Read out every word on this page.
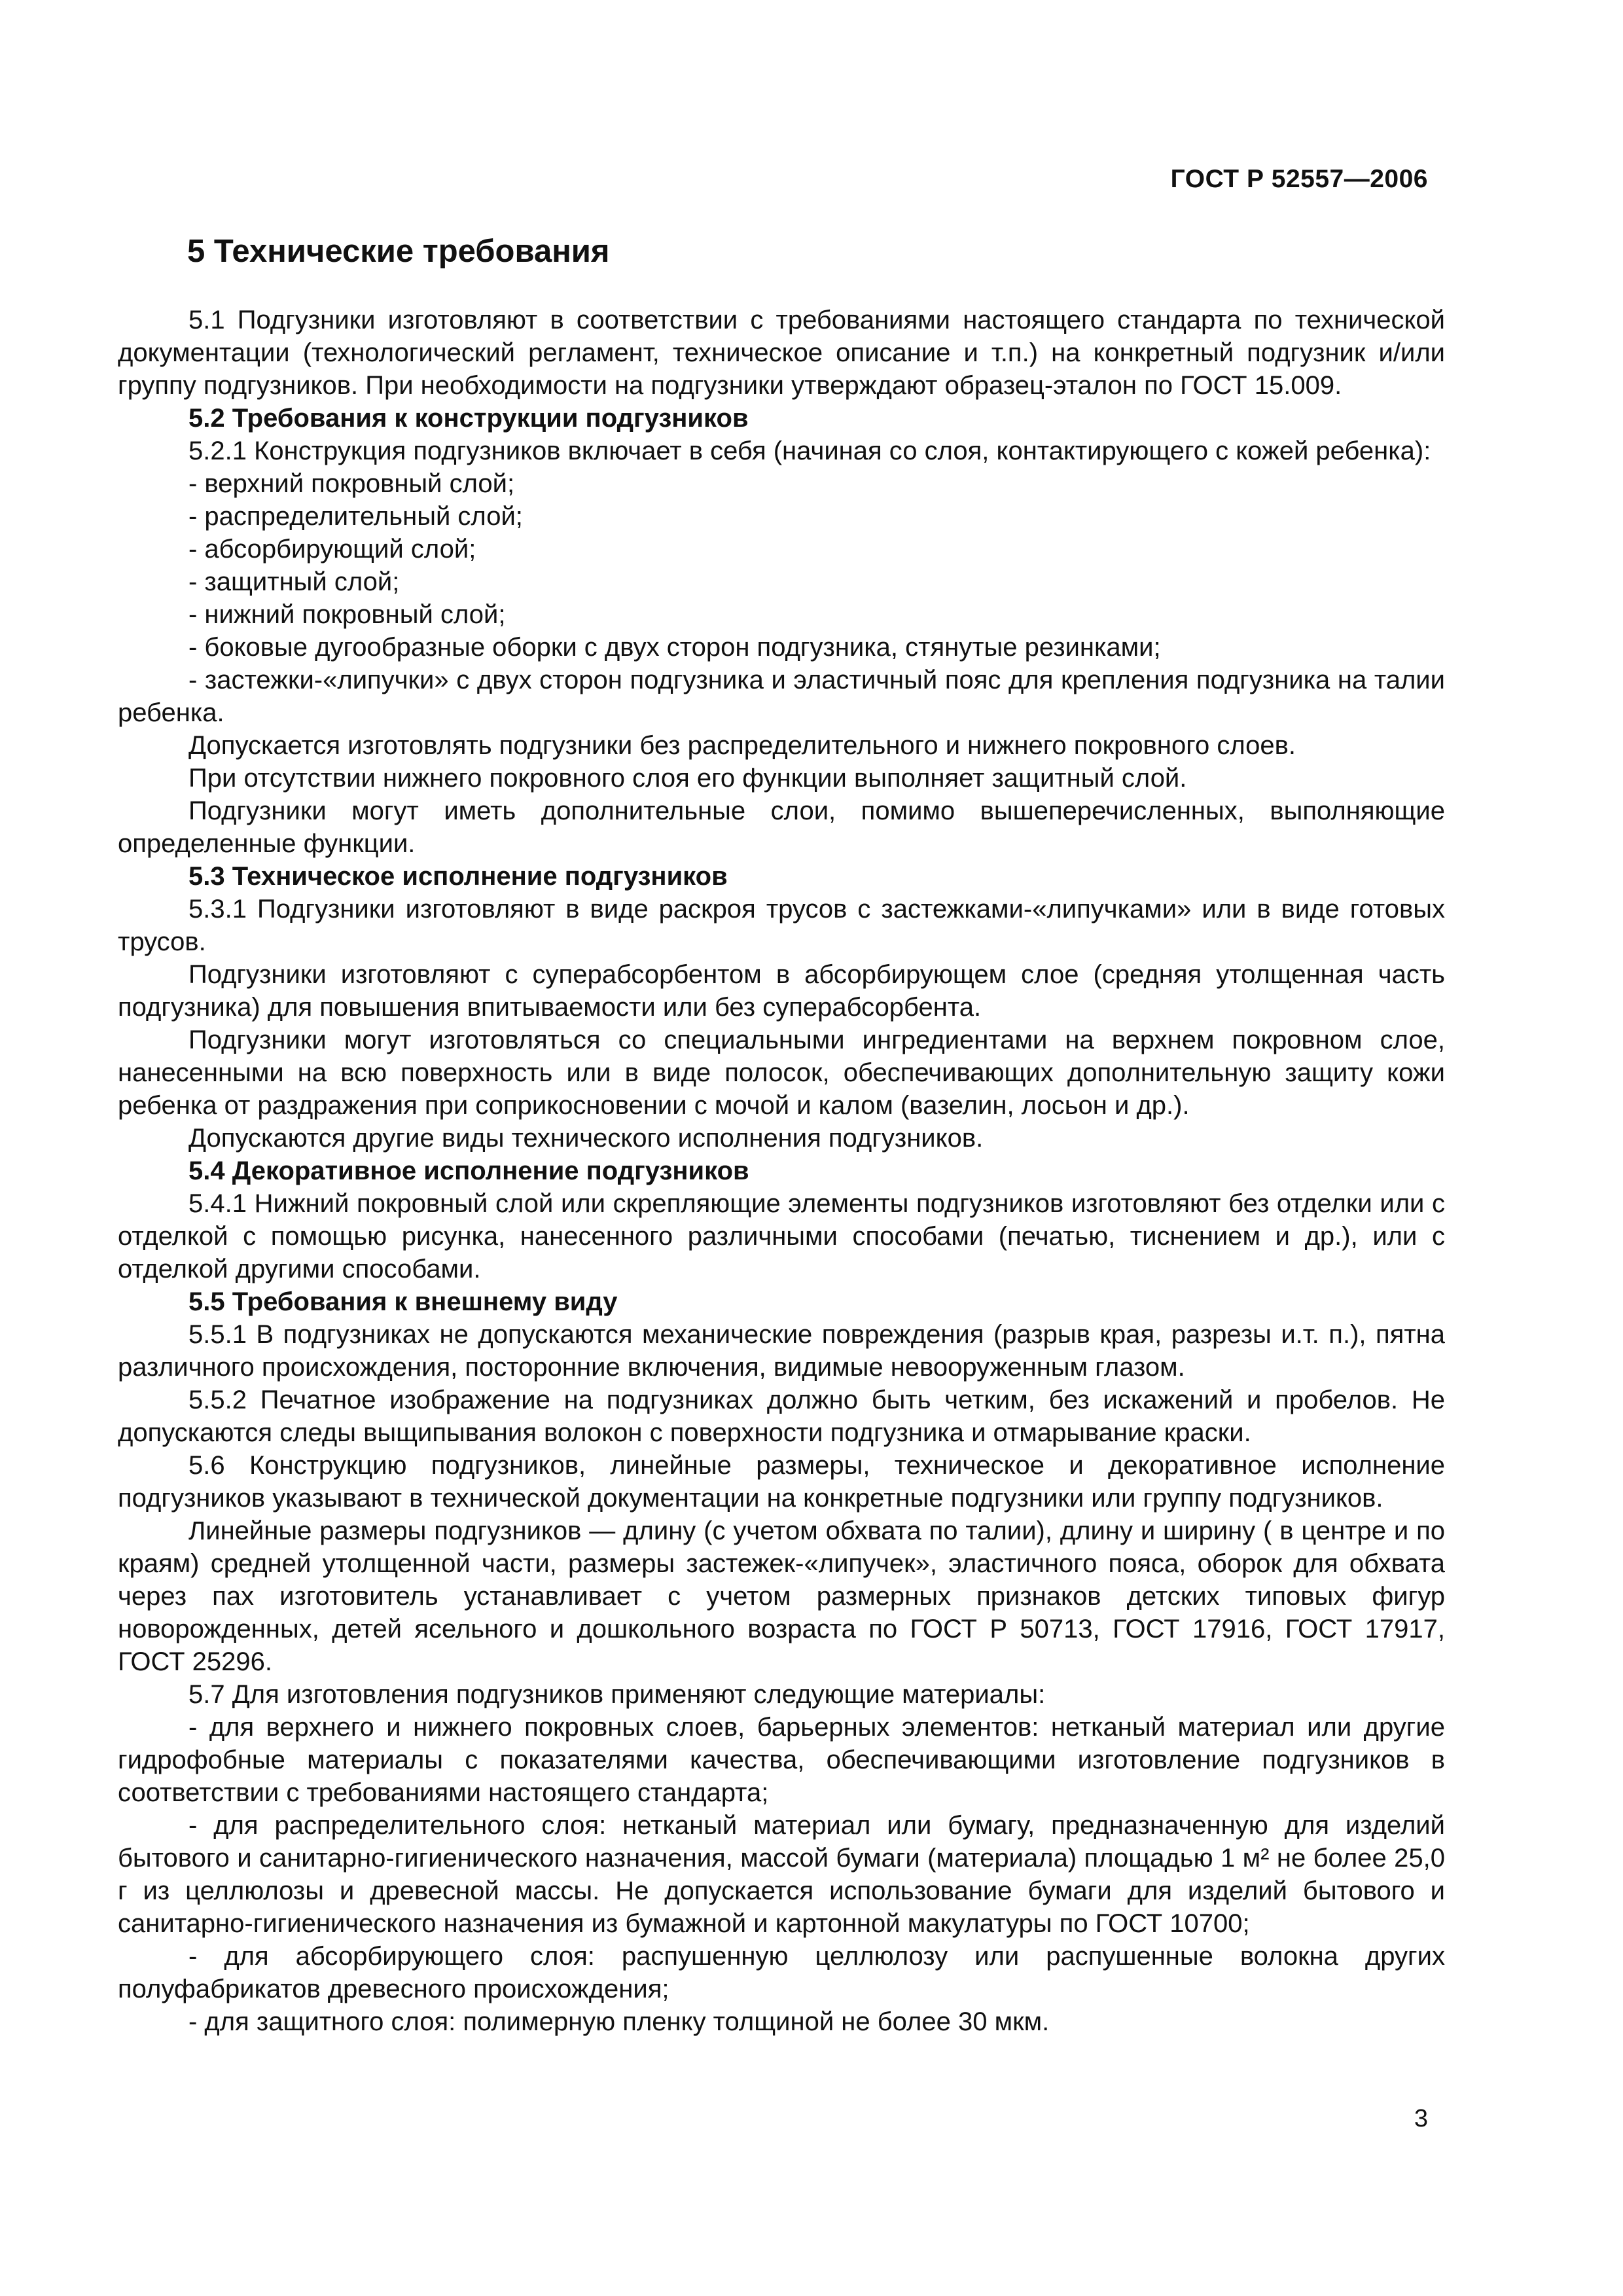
ГОСТ Р 52557—2006
5 Технические требования

5.1 Подгузники изготовляют в соответствии с требованиями настоящего стандарта по технической документации (технологический регламент, техническое описание и т.п.) на конкретный подгузник и/или группу подгузников. При необходимости на подгузники утверждают образец-эталон по ГОСТ 15.009.

5.2 Требования к конструкции подгузников

5.2.1 Конструкция подгузников включает в себя (начиная со слоя, контактирующего с кожей ребенка):

- верхний покровный слой;

- распределительный слой;

- абсорбирующий слой;

- защитный слой;

- нижний покровный слой;

- боковые дугообразные оборки с двух сторон подгузника, стянутые резинками;

- застежки-«липучки» с двух сторон подгузника и эластичный пояс для крепления подгузника на талии ребенка.

Допускается изготовлять подгузники без распределительного и нижнего покровного слоев.

При отсутствии нижнего покровного слоя его функции выполняет защитный слой.

Подгузники могут иметь дополнительные слои, помимо вышеперечисленных, выполняющие определенные функции.

5.3 Техническое исполнение подгузников

5.3.1 Подгузники изготовляют в виде раскроя трусов с застежками-«липучками» или в виде готовых трусов.

Подгузники изготовляют с суперабсорбентом в абсорбирующем слое (средняя утолщенная часть подгузника) для повышения впитываемости или без суперабсорбента.

Подгузники могут изготовляться со специальными ингредиентами на верхнем покровном слое, нанесенными на всю поверхность или в виде полосок, обеспечивающих дополнительную защиту кожи ребенка от раздражения при соприкосновении с мочой и калом (вазелин, лосьон и др.).

Допускаются другие виды технического исполнения подгузников.

5.4 Декоративное исполнение подгузников

5.4.1 Нижний покровный слой или скрепляющие элементы подгузников изготовляют без отделки или с отделкой с помощью рисунка, нанесенного различными способами (печатью, тиснением и др.), или с отделкой другими способами.

5.5 Требования к внешнему виду

5.5.1 В подгузниках не допускаются механические повреждения (разрыв края, разрезы и.т. п.), пятна различного происхождения, посторонние включения, видимые невооруженным глазом.

5.5.2 Печатное изображение на подгузниках должно быть четким, без искажений и пробелов. Не допускаются следы выщипывания волокон с поверхности подгузника и отмарывание краски.

5.6 Конструкцию подгузников, линейные размеры, техническое и декоративное исполнение подгузников указывают в технической документации на конкретные подгузники или группу подгузников.

Линейные размеры подгузников — длину (с учетом обхвата по талии), длину и ширину ( в центре и по краям) средней утолщенной части, размеры застежек-«липучек», эластичного пояса, оборок для обхвата через пах изготовитель устанавливает с учетом размерных признаков детских типовых фигур новорожденных, детей ясельного и дошкольного возраста по ГОСТ Р 50713, ГОСТ 17916, ГОСТ 17917, ГОСТ 25296.

5.7 Для изготовления подгузников применяют следующие материалы:

- для верхнего и нижнего покровных слоев, барьерных элементов: нетканый материал или другие гидрофобные материалы с показателями качества, обеспечивающими изготовление подгузников в соответствии с требованиями настоящего стандарта;

- для распределительного слоя: нетканый материал или бумагу, предназначенную для изделий бытового и санитарно-гигиенического назначения, массой бумаги (материала) площадью 1 м² не более 25,0 г из целлюлозы и древесной массы. Не допускается использование бумаги для изделий бытового и санитарно-гигиенического назначения из бумажной и картонной макулатуры по ГОСТ 10700;

- для абсорбирующего слоя: распушенную целлюлозу или распушенные волокна других полуфабрикатов древесного происхождения;

- для защитного слоя: полимерную пленку толщиной не более 30 мкм.

3
